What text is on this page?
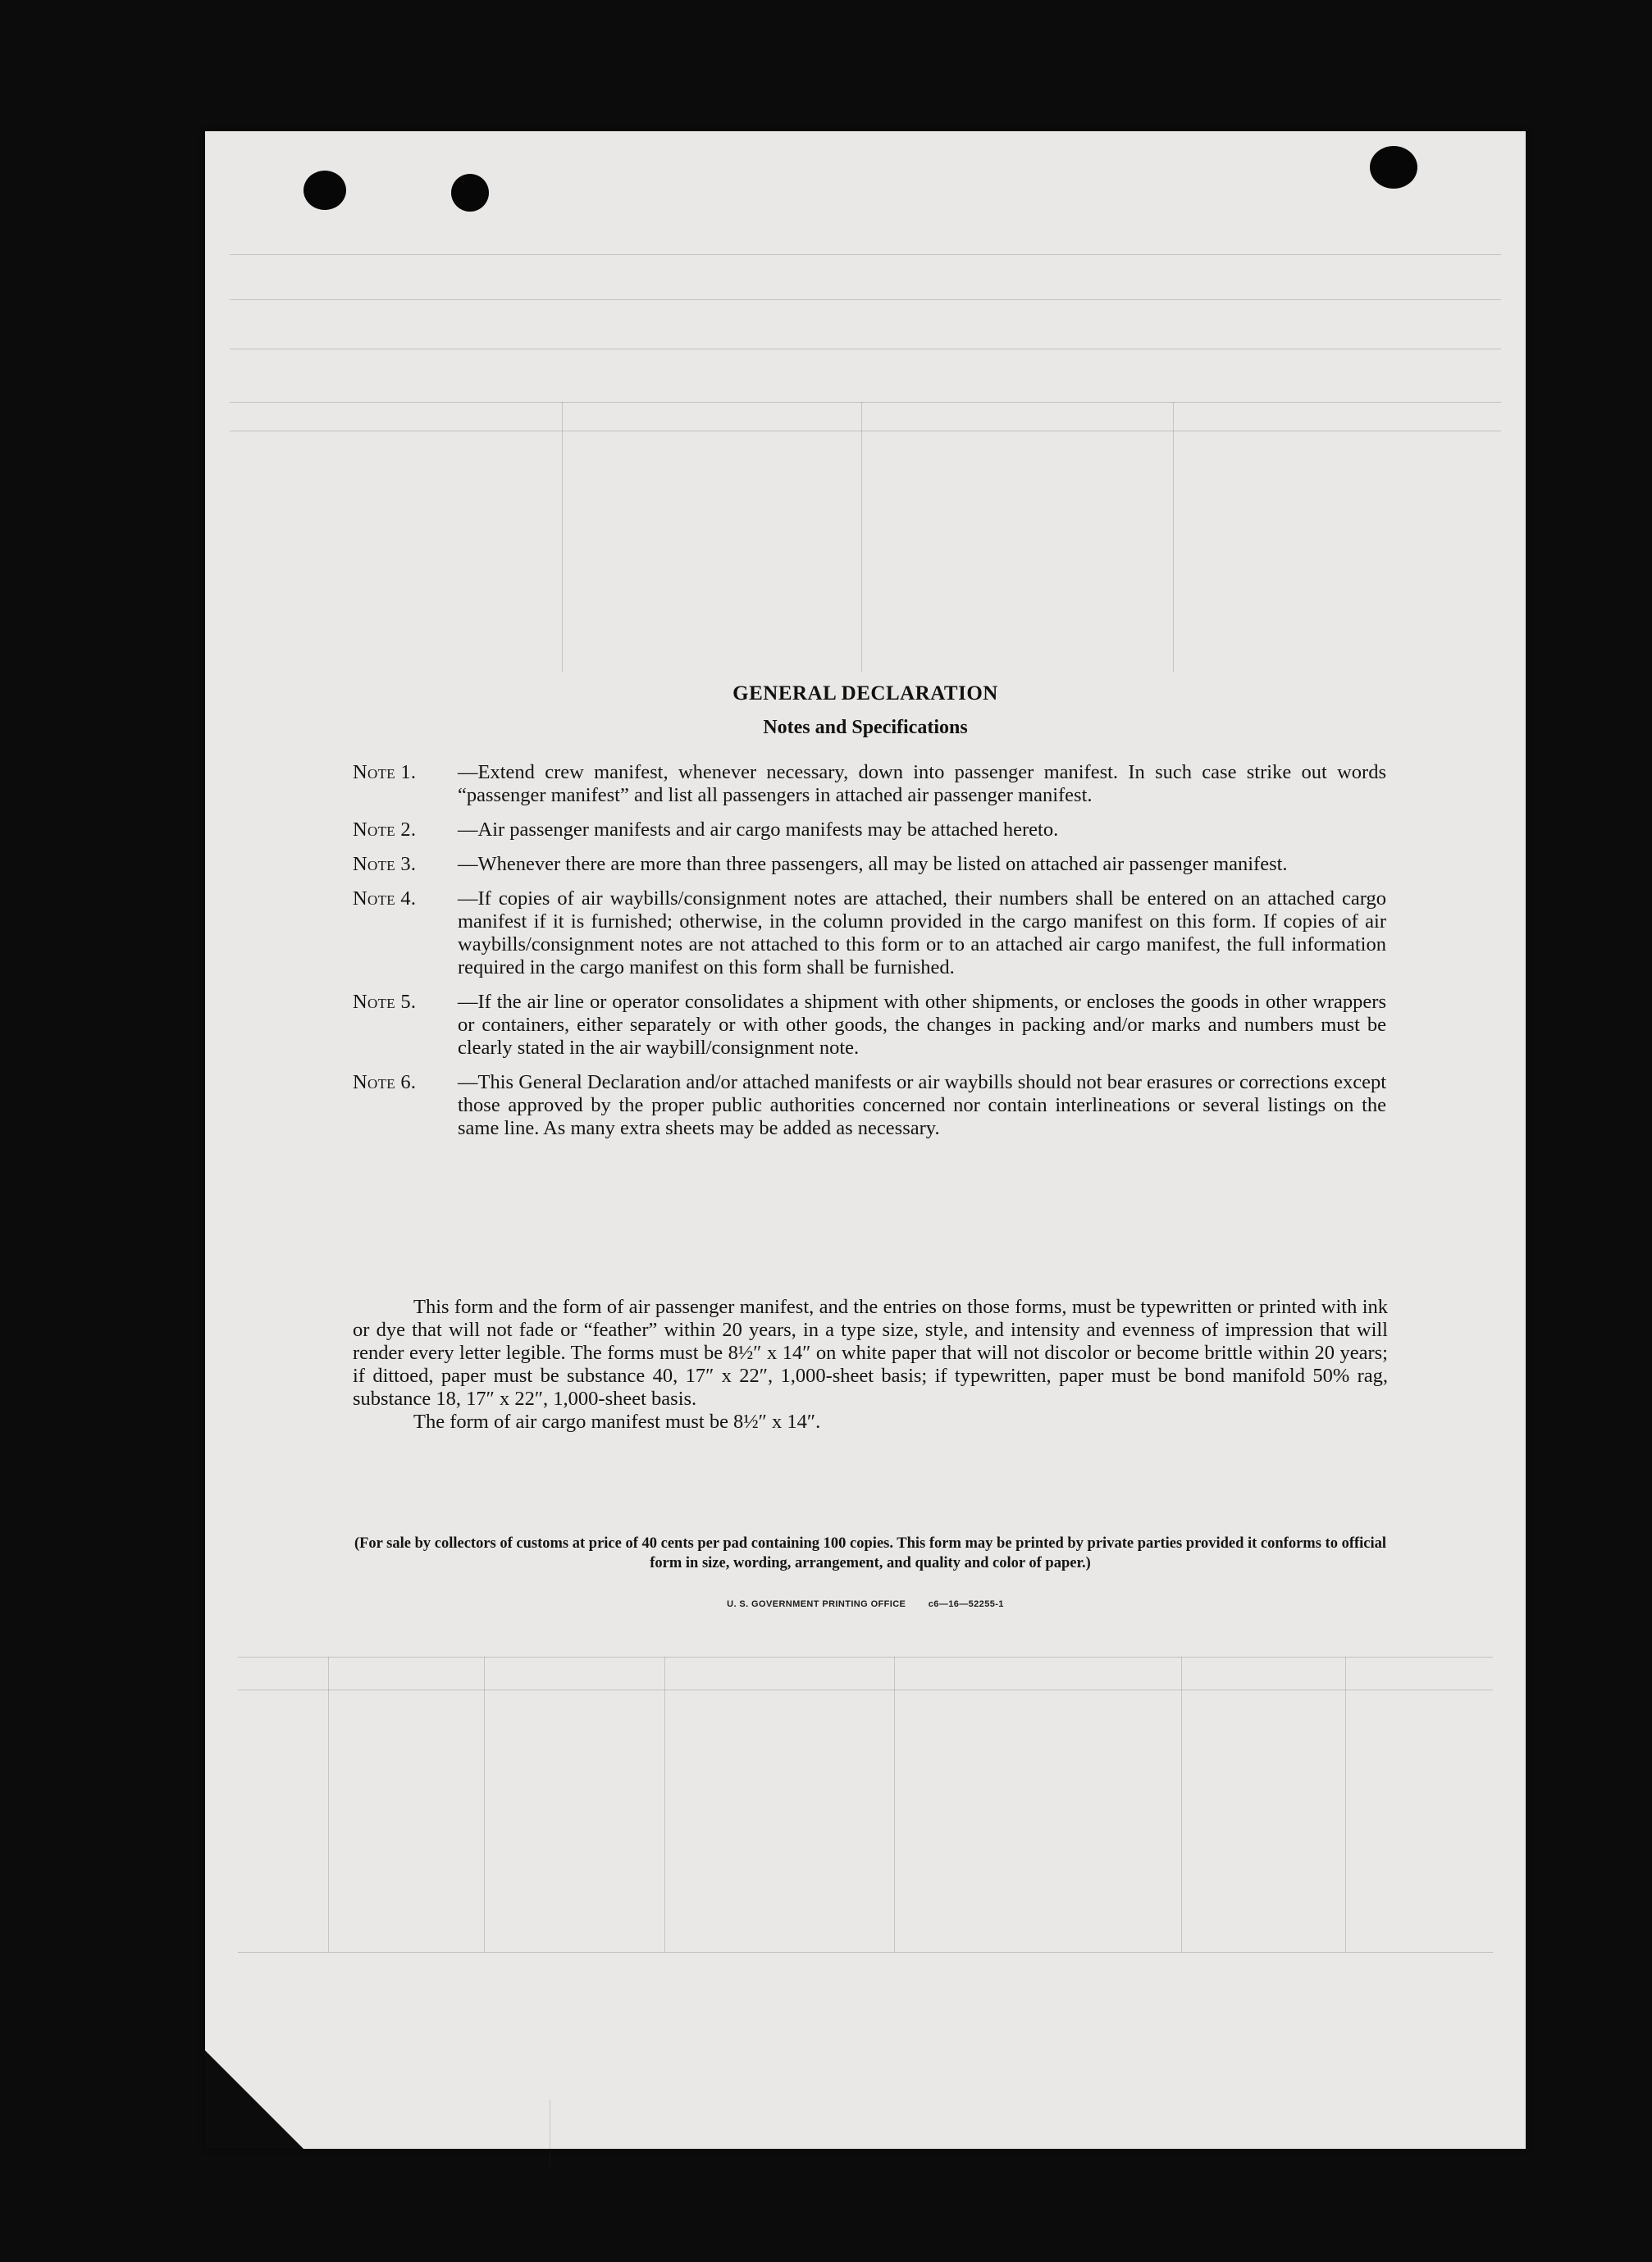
GENERAL DECLARATION
Notes and Specifications
Note 1. —Extend crew manifest, whenever necessary, down into passenger manifest. In such case strike out words “passenger manifest” and list all passengers in attached air passenger manifest.
Note 2. —Air passenger manifests and air cargo manifests may be attached hereto.
Note 3. —Whenever there are more than three passengers, all may be listed on attached air passenger manifest.
Note 4. —If copies of air waybills/consignment notes are attached, their numbers shall be entered on an attached cargo manifest if it is furnished; otherwise, in the column provided in the cargo manifest on this form. If copies of air waybills/consignment notes are not attached to this form or to an attached air cargo manifest, the full information required in the cargo manifest on this form shall be furnished.
Note 5. —If the air line or operator consolidates a shipment with other shipments, or encloses the goods in other wrappers or containers, either separately or with other goods, the changes in packing and/or marks and numbers must be clearly stated in the air waybill/consignment note.
Note 6. —This General Declaration and/or attached manifests or air waybills should not bear erasures or corrections except those approved by the proper public authorities concerned nor contain interlineations or several listings on the same line. As many extra sheets may be added as necessary.

This form and the form of air passenger manifest, and the entries on those forms, must be typewritten or printed with ink or dye that will not fade or “feather” within 20 years, in a type size, style, and intensity and evenness of impression that will render every letter legible. The forms must be 8½″ x 14″ on white paper that will not discolor or become brittle within 20 years; if dittoed, paper must be substance 40, 17″ x 22″, 1,000-sheet basis; if typewritten, paper must be bond manifold 50% rag, substance 18, 17″ x 22″, 1,000-sheet basis.

The form of air cargo manifest must be 8½″ x 14″.

(For sale by collectors of customs at price of 40 cents per pad containing 100 copies. This form may be printed by private parties provided it conforms to official form in size, wording, arrangement, and quality and color of paper.)
U. S. GOVERNMENT PRINTING OFFICE c6—16—52255-1
